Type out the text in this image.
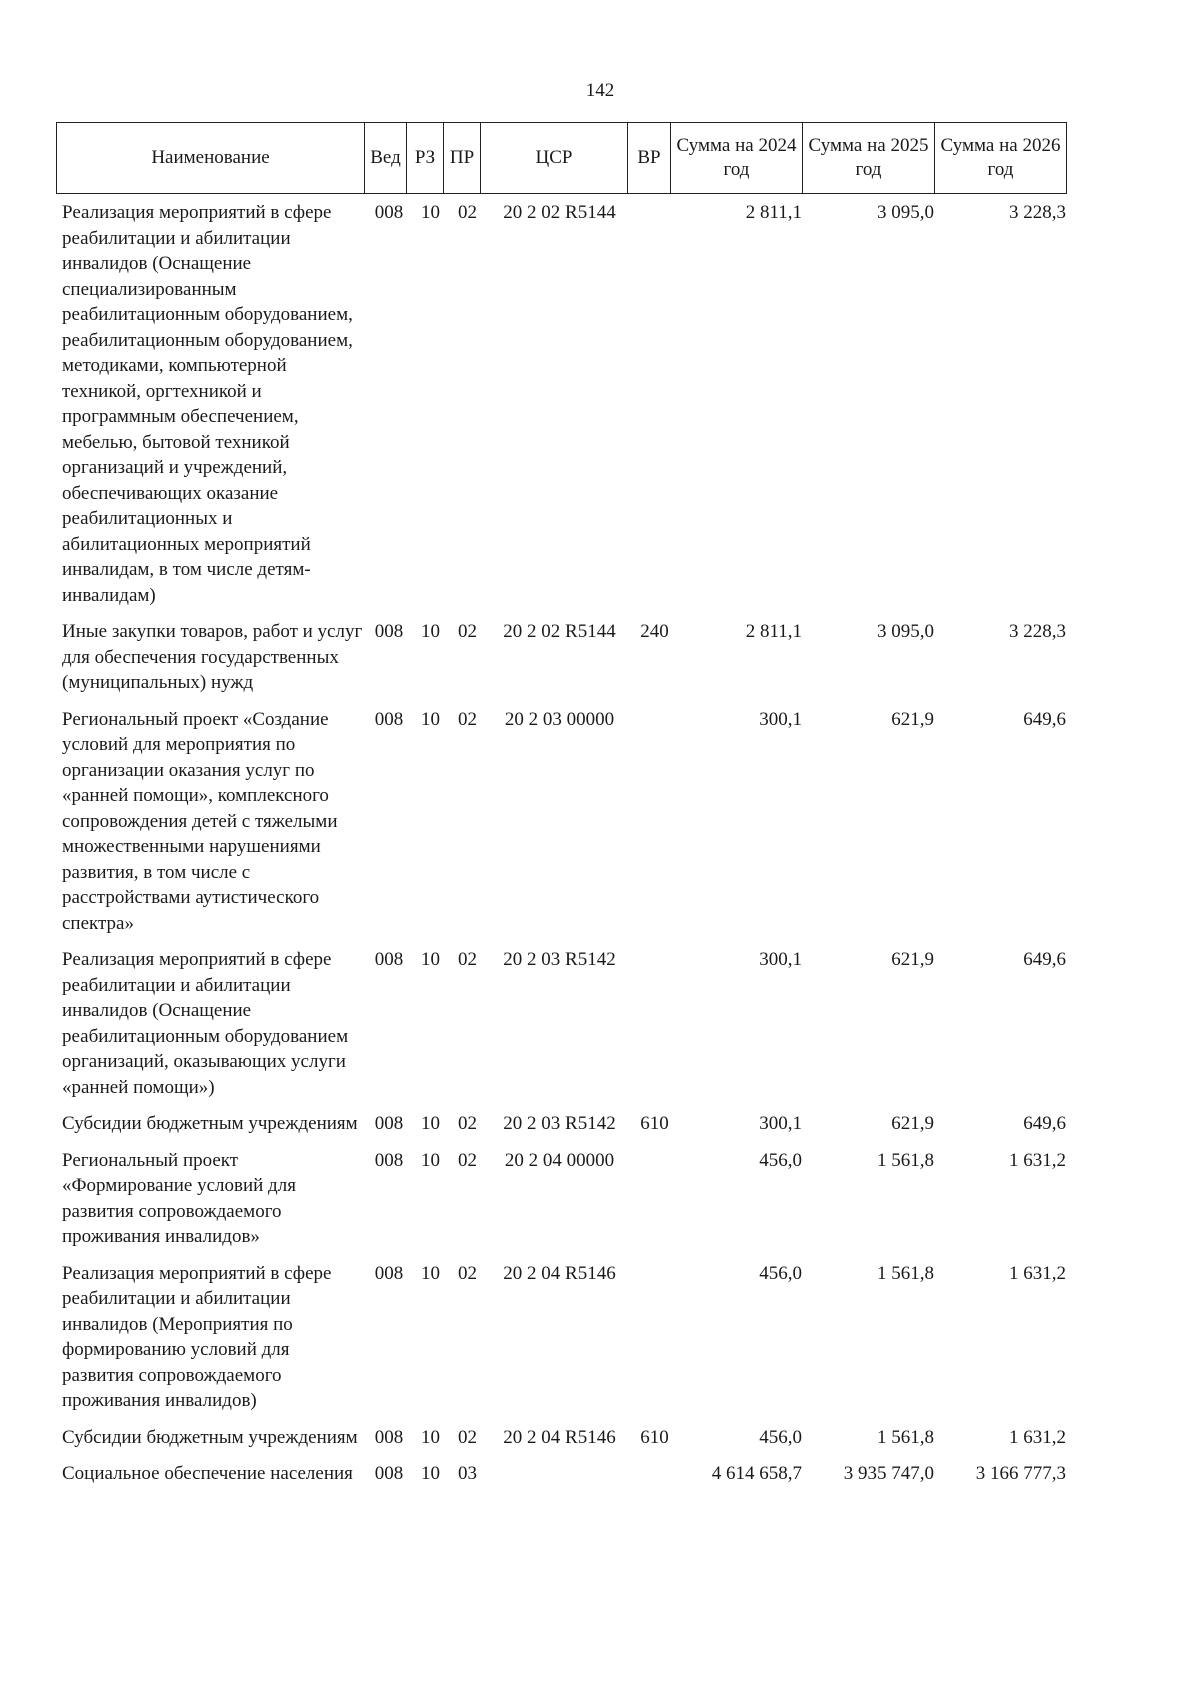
142
Наименование	Вед	РЗ	ПР	ЦСР	ВР	Сумма на 2024 год	Сумма на 2025 год	Сумма на 2026 год
Реализация мероприятий в сфере реабилитации и абилитации инвалидов (Оснащение специализированным реабилитационным оборудованием, реабилитационным оборудованием, методиками, компьютерной техникой, оргтехникой и программным обеспечением, мебелью, бытовой техникой организаций и учреждений, обеспечивающих оказание реабилитационных и абилитационных мероприятий инвалидам, в том числе детям-инвалидам)	008	10	02	20 2 02 R5144		2 811,1	3 095,0	3 228,3
Иные закупки товаров, работ и услуг для обеспечения государственных (муниципальных) нужд	008	10	02	20 2 02 R5144	240	2 811,1	3 095,0	3 228,3
Региональный проект «Создание условий для мероприятия по организации оказания услуг по «ранней помощи», комплексного сопровождения детей с тяжелыми множественными нарушениями развития, в том числе с расстройствами аутистического спектра»	008	10	02	20 2 03 00000		300,1	621,9	649,6
Реализация мероприятий в сфере реабилитации и абилитации инвалидов (Оснащение реабилитационным оборудованием организаций, оказывающих услуги «ранней помощи»)	008	10	02	20 2 03 R5142		300,1	621,9	649,6
Субсидии бюджетным учреждениям	008	10	02	20 2 03 R5142	610	300,1	621,9	649,6
Региональный проект «Формирование условий для развития сопровождаемого проживания инвалидов»	008	10	02	20 2 04 00000		456,0	1 561,8	1 631,2
Реализация мероприятий в сфере реабилитации и абилитации инвалидов (Мероприятия по формированию условий для развития сопровождаемого проживания инвалидов)	008	10	02	20 2 04 R5146		456,0	1 561,8	1 631,2
Субсидии бюджетным учреждениям	008	10	02	20 2 04 R5146	610	456,0	1 561,8	1 631,2
Социальное обеспечение населения	008	10	03			4 614 658,7	3 935 747,0	3 166 777,3
